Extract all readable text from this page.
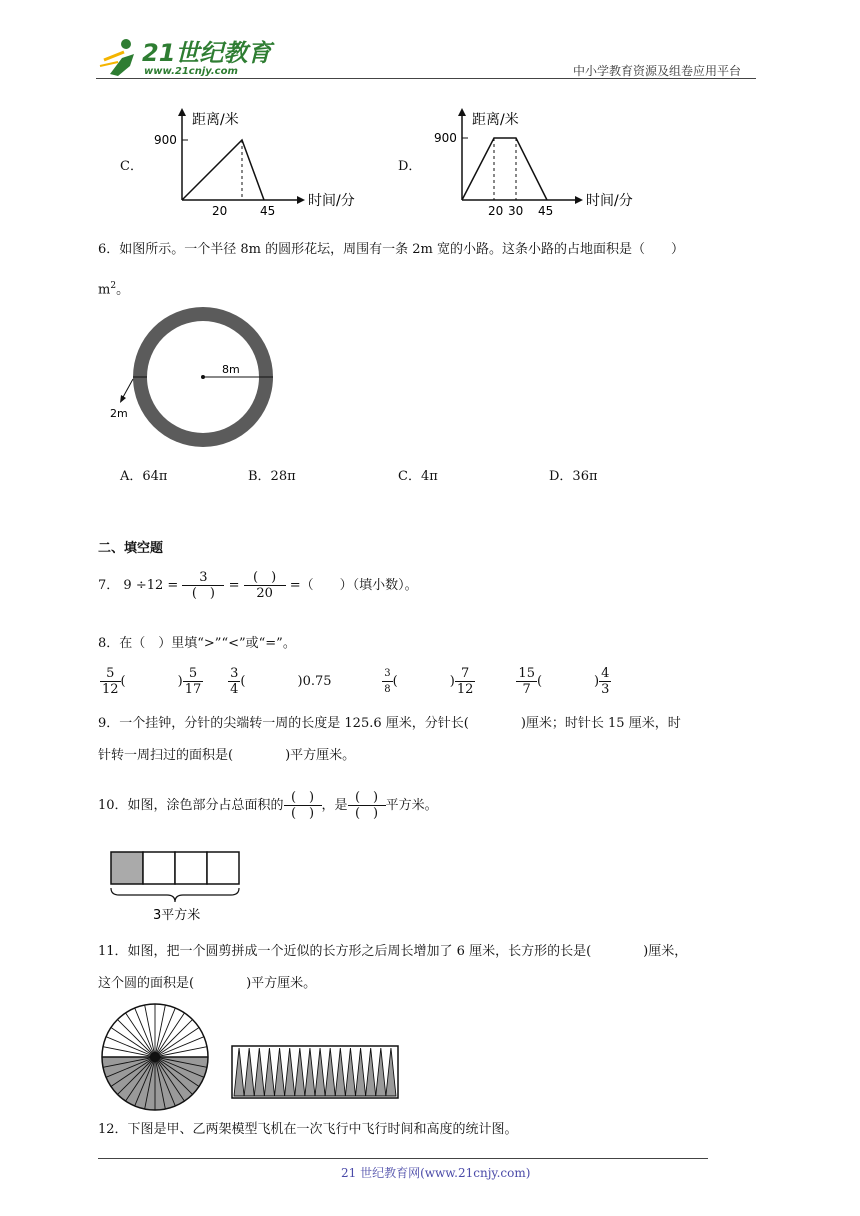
21世纪教育
www.21cnjy.com	中小学教育资源及组卷应用平台
C．
距离/米
时间/分
900
20	45
D．
距离/米
时间/分
900
20 30 45
6．如图所示。一个半径 8m 的圆形花坛，周围有一条 2m 宽的小路。这条小路的占地面积是（　　）
$m^2$。
8m
2m
A．64π	B．28π	C．4π	D．36π
二、填空题
7． $9 \div 12 = \frac{3}{( )} = \frac{( )}{20}$ =（　　）（填小数）。
8．在（　）里填“>”“<”或“=”。
$\frac{5}{12}$ (　　　　) $\frac{5}{17}$
$\frac{3}{4}$ (　　　　)0.75	$\frac{3}{8}$ (　　　　) $\frac{7}{12}$
	$\frac{15}{7}$ (　　　　) $\frac{4}{3}$
9．一个挂钟，分针的尖端转一周的长度是 125.6 厘米，分针长(　　　　)厘米；时针长 15 厘米，时
针转一周扫过的面积是(　　　　)平方厘米。
10．如图，涂色部分占总面积的 $\frac{( )}{( )}$ ，是 $\frac{( )}{( )}$ 平方米。
3平方米
11．如图，把一个圆剪拼成一个近似的长方形之后周长增加了 6 厘米，长方形的长是(　　　　)厘米，
这个圆的面积是(　　　　)平方厘米。
12．下图是甲、乙两架模型飞机在一次飞行中飞行时间和高度的统计图。
21 世纪教育网(www.21cnjy.com)
